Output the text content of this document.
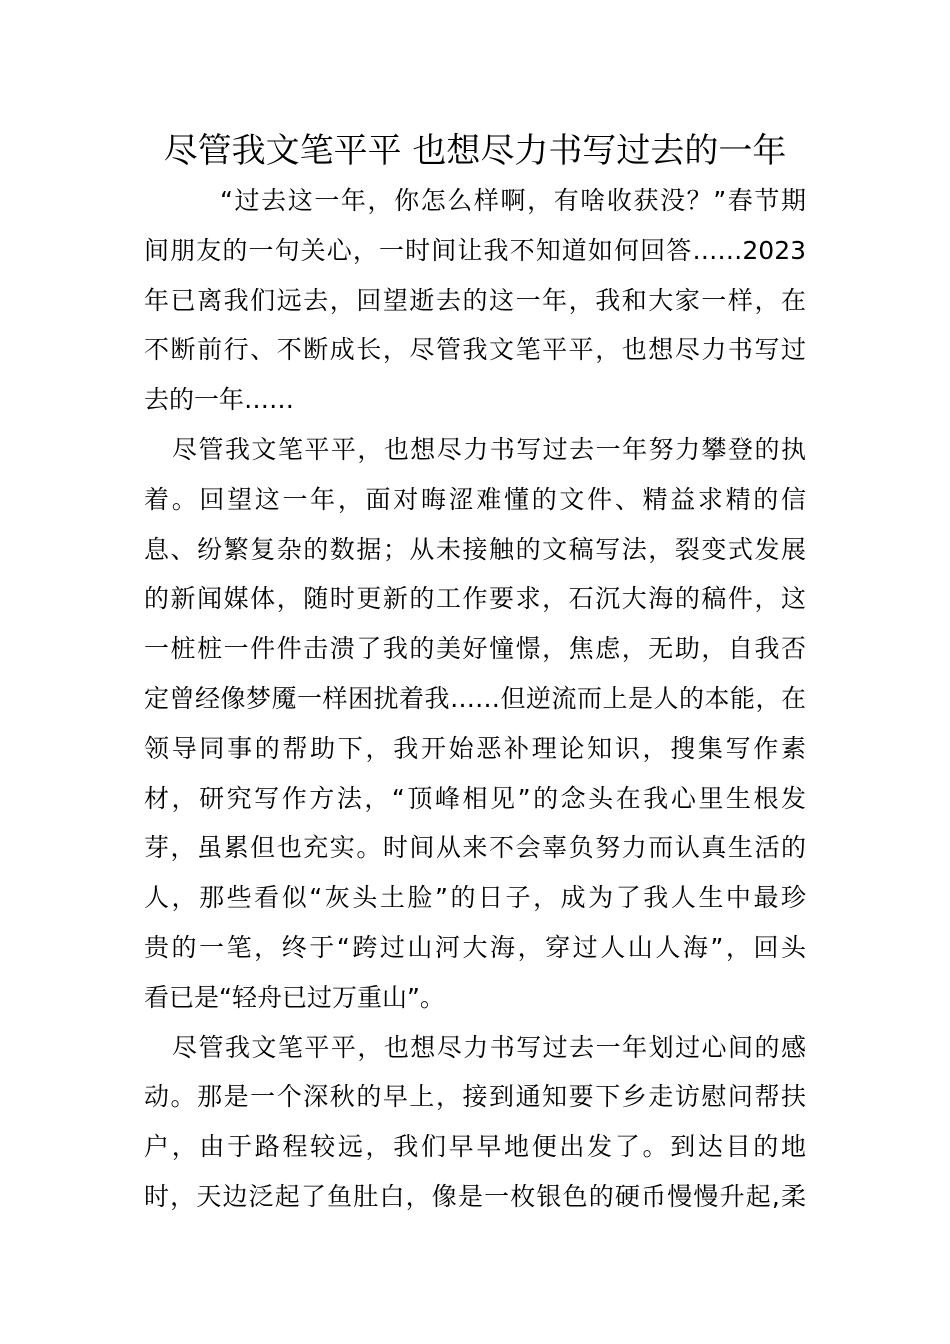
尽管我文笔平平 也想尽力书写过去的一年
“过去这一年，你怎么样啊，有啥收获没？”春节期
间朋友的一句关心，一时间让我不知道如何回答……2023
年已离我们远去，回望逝去的这一年，我和大家一样，在
不断前行、不断成长，尽管我文笔平平，也想尽力书写过
去的一年……
尽管我文笔平平，也想尽力书写过去一年努力攀登的执
着。回望这一年，面对晦涩难懂的文件、精益求精的信
息、纷繁复杂的数据；从未接触的文稿写法，裂变式发展
的新闻媒体，随时更新的工作要求，石沉大海的稿件，这
一桩桩一件件击溃了我的美好憧憬，焦虑，无助，自我否
定曾经像梦魇一样困扰着我……但逆流而上是人的本能，在
领导同事的帮助下，我开始恶补理论知识，搜集写作素
材，研究写作方法，“顶峰相见”的念头在我心里生根发
芽，虽累但也充实。时间从来不会辜负努力而认真生活的
人，那些看似“灰头土脸”的日子，成为了我人生中最珍
贵的一笔，终于“跨过山河大海，穿过人山人海”，回头
看已是“轻舟已过万重山”。
尽管我文笔平平，也想尽力书写过去一年划过心间的感
动。那是一个深秋的早上，接到通知要下乡走访慰问帮扶
户，由于路程较远，我们早早地便出发了。到达目的地
时，天边泛起了鱼肚白，像是一枚银色的硬币慢慢升起,柔
